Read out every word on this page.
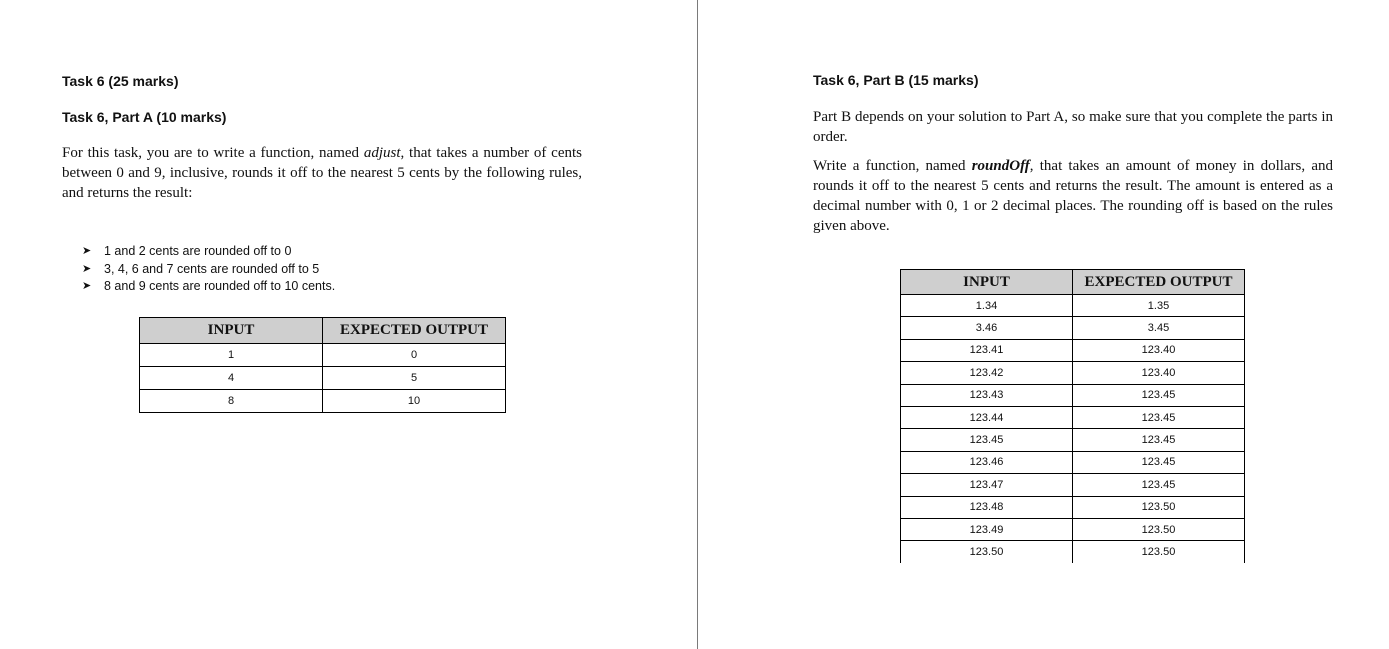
Task 6 (25 marks)
Task 6, Part A (10 marks)

For this task, you are to write a function, named adjust, that takes a number of cents between 0 and 9, inclusive, rounds it off to the nearest 5 cents by the following rules, and returns the result:

➤	1 and 2 cents are rounded off to 0
➤	3, 4, 6 and 7 cents are rounded off to 5
➤	8 and 9 cents are rounded off to 10 cents.
INPUT	EXPECTED OUTPUT
1	0
4	5
8	10
Task 6, Part B (15 marks)

Part B depends on your solution to Part A, so make sure that you complete the parts in order.

Write a function, named roundOff, that takes an amount of money in dollars, and rounds it off to the nearest 5 cents and returns the result. The amount is entered as a decimal number with 0, 1 or 2 decimal places. The rounding off is based on the rules given above.

INPUT	EXPECTED OUTPUT
1.34	1.35
3.46	3.45
123.41	123.40
123.42	123.40
123.43	123.45
123.44	123.45
123.45	123.45
123.46	123.45
123.47	123.45
123.48	123.50
123.49	123.50
123.50	123.50
